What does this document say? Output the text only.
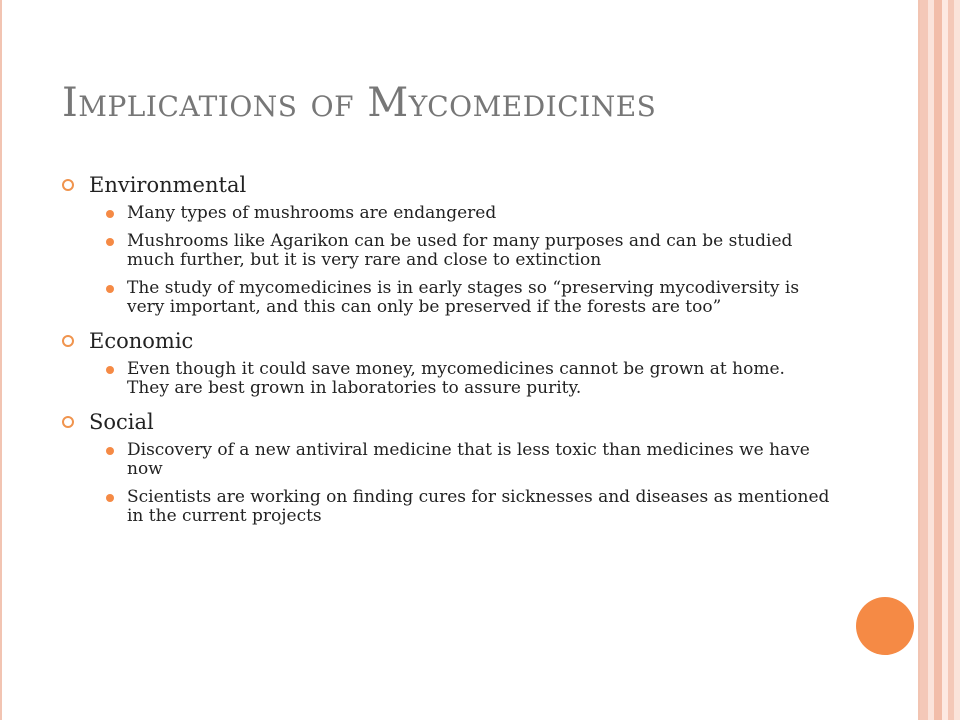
Implications of Mycomedicines
Environmental
Many types of mushrooms are endangered
Mushrooms like Agarikon can be used for many purposes and can be studied much further, but it is very rare and close to extinction
The study of mycomedicines is in early stages so “preserving mycodiversity is very important, and this can only be preserved if the forests are too”
Economic
Even though it could save money, mycomedicines cannot be grown at home. They are best grown in laboratories to assure purity.
Social
Discovery of a new antiviral medicine that is less toxic than medicines we have now
Scientists are working on finding cures for sicknesses and diseases as mentioned in the current projects
